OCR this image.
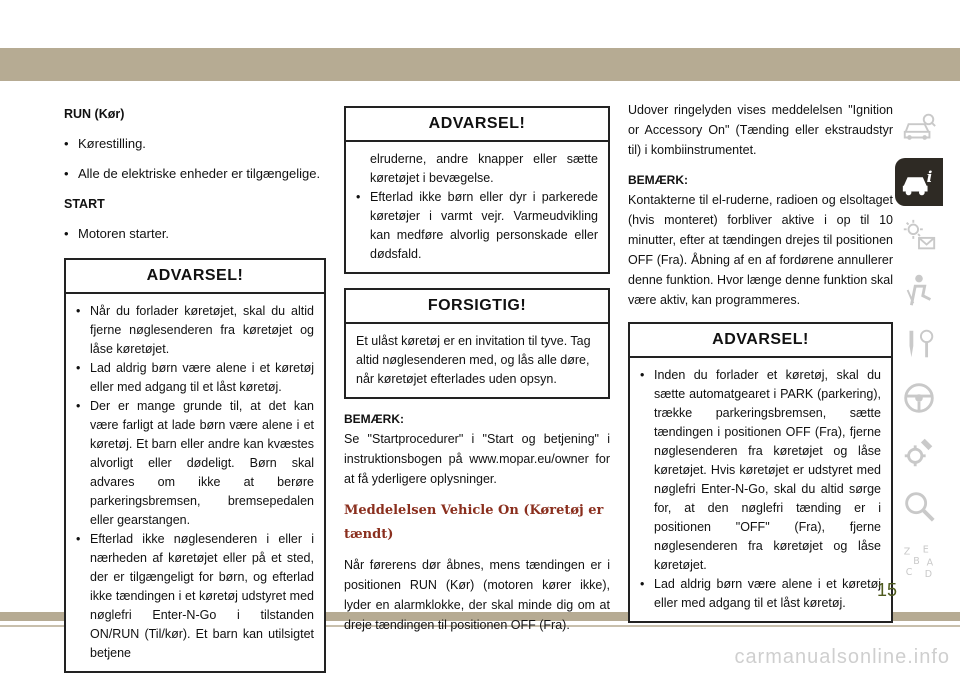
RUN (Kør)

• Kørestilling.
• Alle de elektriske enheder er tilgængelige.

START

• Motoren starter.
ADVARSEL!
• Når du forlader køretøjet, skal du altid fjerne nøglesenderen fra køretøjet og låse køretøjet.
• Lad aldrig børn være alene i et køretøj eller med adgang til et låst køretøj.
• Der er mange grunde til, at det kan være farligt at lade børn være alene i et køretøj. Et barn eller andre kan kvæstes alvorligt eller dødeligt. Børn skal advares om ikke at berøre parkeringsbremsen, bremsepedalen eller gearstangen.
• Efterlad ikke nøglesenderen i eller i nærheden af køretøjet eller på et sted, der er tilgængeligt for børn, og efterlad ikke tændingen i et køretøj udstyret med nøglefri Enter-N-Go i tilstanden ON/RUN (Til/kør). Et barn kan utilsigtet betjene
ADVARSEL!

elruderne, andre knapper eller sætte køretøjet i bevægelse.

• Efterlad ikke børn eller dyr i parkerede køretøjer i varmt vejr. Varmeudvikling kan medføre alvorlig personskade eller dødsfald.
FORSIGTIG!

Et ulåst køretøj er en invitation til tyve. Tag altid nøglesenderen med, og lås alle døre, når køretøjet efterlades uden opsyn.

BEMÆRK:

Se "Startprocedurer" i "Start og betjening" i instruktionsbogen på www.mopar.eu/owner for at få yderligere oplysninger.

Meddelelsen Vehicle On (Køretøj er tændt)

Når førerens dør åbnes, mens tændingen er i positionen RUN (Kør) (motoren kører ikke), lyder en alarmklokke, der skal minde dig om at dreje tændingen til positionen OFF (Fra).

Udover ringelyden vises meddelelsen "Ignition or Accessory On" (Tænding eller ekstraudstyr til) i kombiinstrumentet.

BEMÆRK:

Kontakterne til el-ruderne, radioen og elsoltaget (hvis monteret) forbliver aktive i op til 10 minutter, efter at tændingen drejes til positionen OFF (Fra). Åbning af en af fordørene annullerer denne funktion. Hvor længe denne funktion skal være aktiv, kan programmeres.

ADVARSEL!
• Inden du forlader et køretøj, skal du sætte automatgearet i PARK (parkering), trække parkeringsbremsen, sætte tændingen i positionen OFF (Fra), fjerne nøglesenderen fra køretøjet og låse køretøjet. Hvis køretøjet er udstyret med nøglefri Enter-N-Go, skal du altid sørge for, at den nøglefri tænding er i positionen "OFF" (Fra), fjerne nøglesenderen fra køretøjet og låse køretøjet.
• Lad aldrig børn være alene i et køretøj eller med adgang til et låst køretøj.
i
Z E
B A
C D
15
carmanualsonline.info
